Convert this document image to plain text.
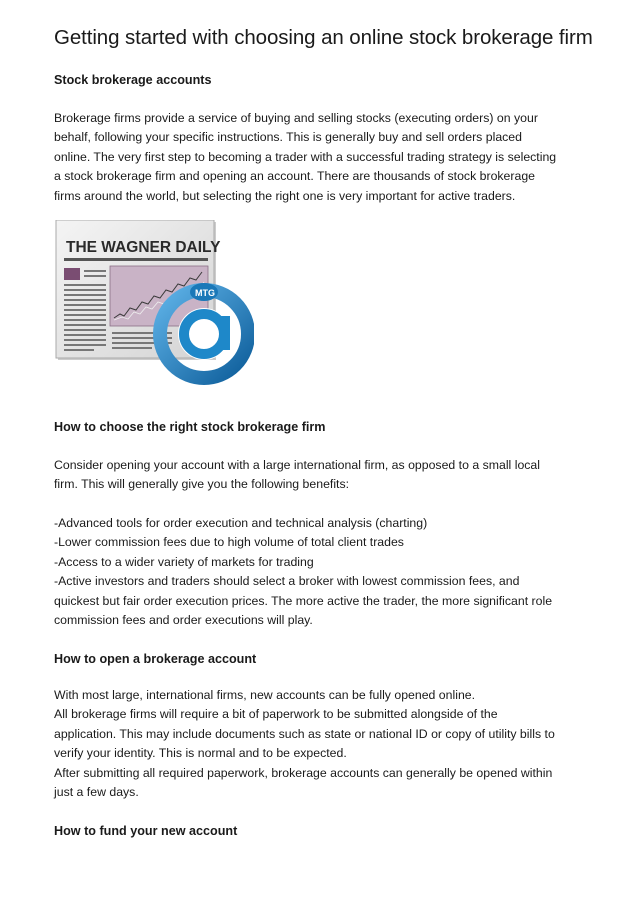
Getting started with choosing an online stock brokerage firm
Stock brokerage accounts
Brokerage firms provide a service of buying and selling stocks (executing orders) on your
behalf, following your specific instructions. This is generally buy and sell orders placed
online. The very first step to becoming a trader with a successful trading strategy is selecting
a stock brokerage firm and opening an account. There are thousands of stock brokerage
firms around the world, but selecting the right one is very important for active traders.
THE WAGNER DAILY
MTG
How to choose the right stock brokerage firm
Consider opening your account with a large international firm, as opposed to a small local
firm. This will generally give you the following benefits:
-Advanced tools for order execution and technical analysis (charting)
-Lower commission fees due to high volume of total client trades
-Access to a wider variety of markets for trading
-Active investors and traders should select a broker with lowest commission fees, and
quickest but fair order execution prices. The more active the trader, the more significant role
commission fees and order executions will play.
How to open a brokerage account
With most large, international firms, new accounts can be fully opened online.
All brokerage firms will require a bit of paperwork to be submitted alongside of the
application. This may include documents such as state or national ID or copy of utility bills to
verify your identity. This is normal and to be expected.
After submitting all required paperwork, brokerage accounts can generally be opened within
just a few days.
How to fund your new account
